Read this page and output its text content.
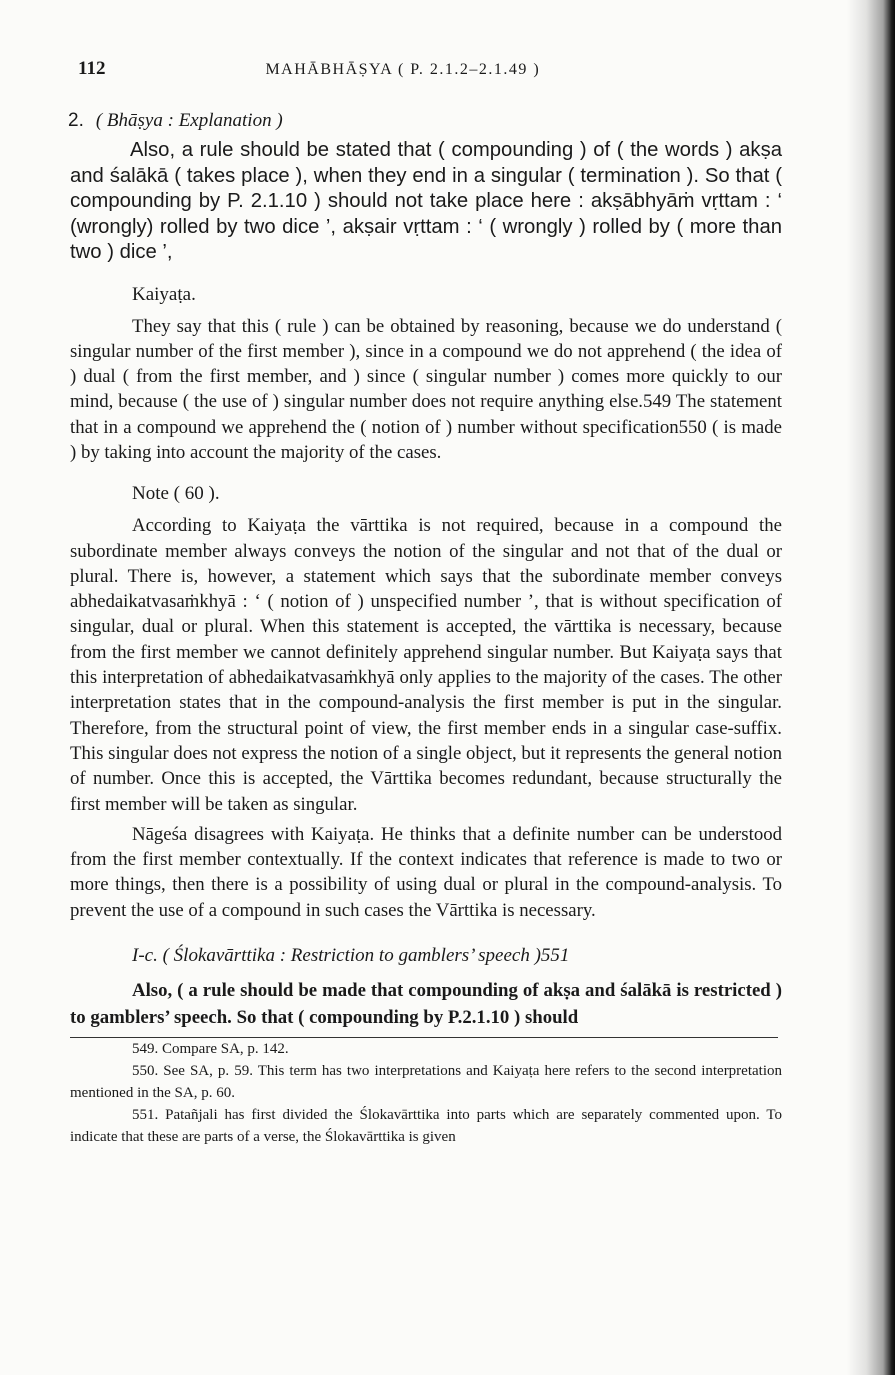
112	MAHĀBHĀṢYA ( P. 2.1.2–2.1.49 )
2. ( Bhāṣya : Explanation )

Also, a rule should be stated that ( compounding ) of ( the words ) akṣa and śalākā ( takes place ), when they end in a singular ( termination ). So that ( compounding by P. 2.1.10 ) should not take place here : akṣābhyāṁ vṛttam : ‘ (wrongly) rolled by two dice ’, akṣair vṛttam : ‘ ( wrongly ) rolled by ( more than two ) dice ’,

Kaiyaṭa.

They say that this ( rule ) can be obtained by reasoning, because we do understand ( singular number of the first member ), since in a compound we do not apprehend ( the idea of ) dual ( from the first member, and ) since ( singular number ) comes more quickly to our mind, because ( the use of ) singular number does not require anything else.549 The statement that in a compound we apprehend the ( notion of ) number without specification550 ( is made ) by taking into account the majority of the cases.

Note ( 60 ).

According to Kaiyaṭa the vārttika is not required, because in a compound the subordinate member always conveys the notion of the singular and not that of the dual or plural. There is, however, a statement which says that the subordinate member conveys abhedaikatvasaṁkhyā : ‘ ( notion of ) unspecified number ’, that is without specification of singular, dual or plural. When this statement is accepted, the vārttika is necessary, because from the first member we cannot definitely apprehend singular number. But Kaiyaṭa says that this interpretation of abhedaikatvasaṁkhyā only applies to the majority of the cases. The other interpretation states that in the compound-analysis the first member is put in the singular. Therefore, from the structural point of view, the first member ends in a singular case-suffix. This singular does not express the notion of a single object, but it represents the general notion of number. Once this is accepted, the Vārttika becomes redundant, because structurally the first member will be taken as singular.

Nāgeśa disagrees with Kaiyaṭa. He thinks that a definite number can be understood from the first member contextually. If the context indicates that reference is made to two or more things, then there is a possibility of using dual or plural in the compound-analysis. To prevent the use of a compound in such cases the Vārttika is necessary.

I-c. ( Ślokavārttika : Restriction to gamblers’ speech )551

Also, ( a rule should be made that compounding of akṣa and śalākā is restricted ) to gamblers’ speech. So that ( compounding by P.2.1.10 ) should

549. Compare SA, p. 142.

550. See SA, p. 59. This term has two interpretations and Kaiyaṭa here refers to the second interpretation mentioned in the SA, p. 60.

551. Patañjali has first divided the Ślokavārttika into parts which are separately commented upon. To indicate that these are parts of a verse, the Ślokavārttika is given
